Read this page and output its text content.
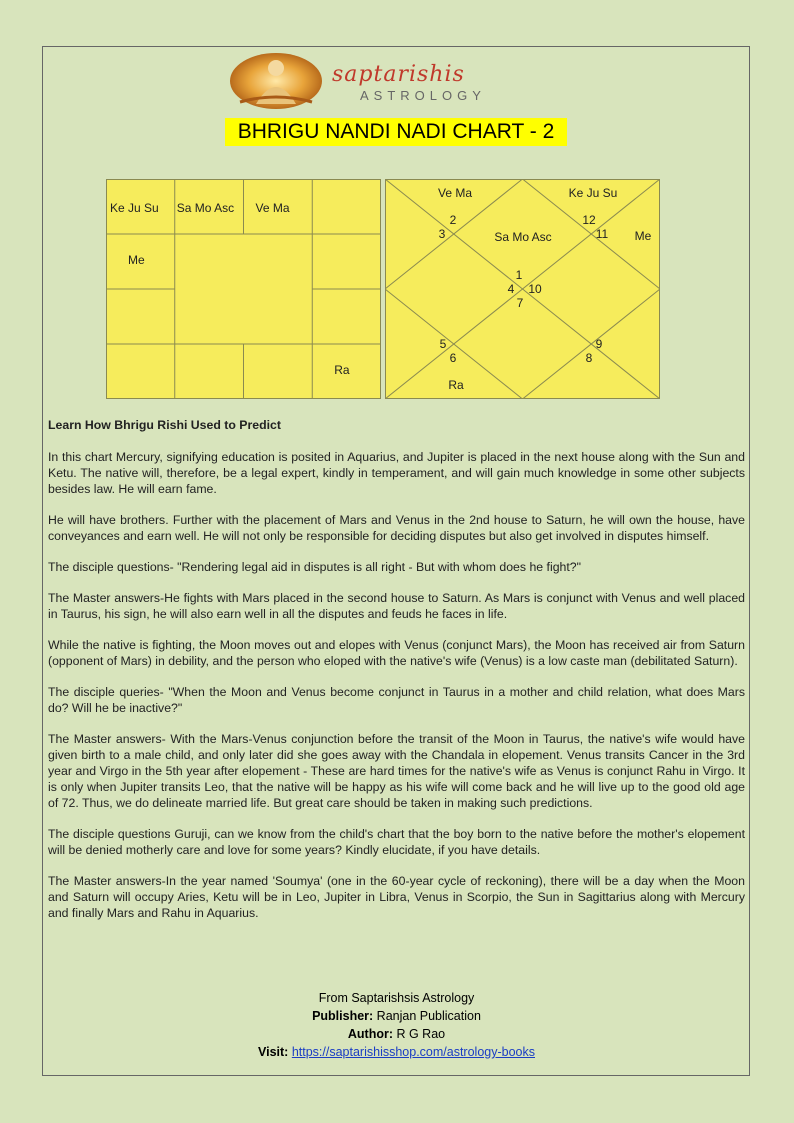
saptarishis
ASTROLOGY
BHRIGU NANDI NADI CHART - 2
Ke Ju Su Sa Mo Asc Ve Ma
Me
Ra
Ve Ma	Ke Ju Su
Sa Mo Asc	Me
Ra
1
2
3
4
5
6
7
8
9
10
11
12

Learn How Bhrigu Rishi Used to Predict

In this chart Mercury, signifying education is posited in Aquarius, and Jupiter is placed in the next house along with the Sun and Ketu. The native will, therefore, be a legal expert, kindly in temperament, and will gain much knowledge in some other subjects besides law. He will earn fame.

He will have brothers. Further with the placement of Mars and Venus in the 2nd house to Saturn, he will own the house, have conveyances and earn well. He will not only be responsible for deciding disputes but also get involved in disputes himself.

The disciple questions- "Rendering legal aid in disputes is all right - But with whom does he fight?"

The Master answers-He fights with Mars placed in the second house to Saturn. As Mars is conjunct with Venus and well placed in Taurus, his sign, he will also earn well in all the disputes and feuds he faces in life.

While the native is fighting, the Moon moves out and elopes with Venus (conjunct Mars), the Moon has received air from Saturn (opponent of Mars) in debility, and the person who eloped with the native's wife (Venus) is a low caste man (debilitated Saturn).

The disciple queries- "When the Moon and Venus become conjunct in Taurus in a mother and child relation, what does Mars do? Will he be inactive?"

The Master answers- With the Mars-Venus conjunction before the transit of the Moon in Taurus, the native's wife would have given birth to a male child, and only later did she goes away with the Chandala in elopement. Venus transits Cancer in the 3rd year and Virgo in the 5th year after elopement - These are hard times for the native's wife as Venus is conjunct Rahu in Virgo. It is only when Jupiter transits Leo, that the native will be happy as his wife will come back and he will live up to the good old age of 72. Thus, we do delineate married life. But great care should be taken in making such predictions.

The disciple questions Guruji, can we know from the child's chart that the boy born to the native before the mother's elopement will be denied motherly care and love for some years? Kindly elucidate, if you have details.

The Master answers-In the year named 'Soumya' (one in the 60-year cycle of reckoning), there will be a day when the Moon and Saturn will occupy Aries, Ketu will be in Leo, Jupiter in Libra, Venus in Scorpio, the Sun in Sagittarius along with Mercury and finally Mars and Rahu in Aquarius.

From Saptarishsis Astrology
Publisher: Ranjan Publication
Author: R G Rao
Visit: https://saptarishisshop.com/astrology-books
